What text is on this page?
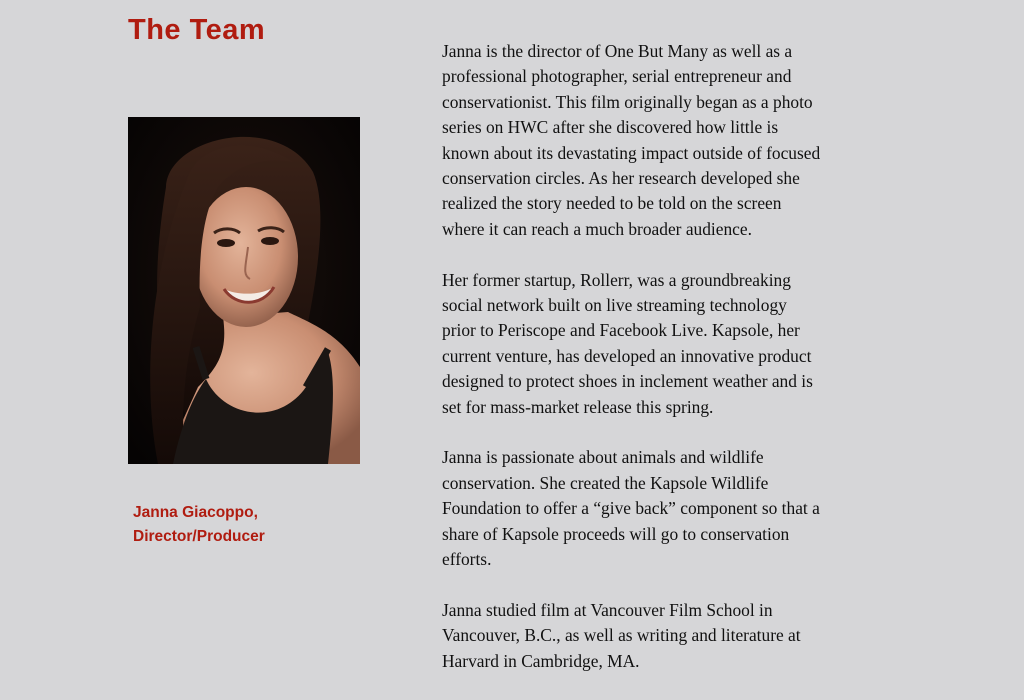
The Team
Janna Giacoppo,
Director/Producer

Janna is the director of One But Many as well as a
professional photographer, serial entrepreneur and
conservationist. This film originally began as a photo
series on HWC after she discovered how little is
known about its devastating impact outside of focused
conservation circles. As her research developed she
realized the story needed to be told on the screen
where it can reach a much broader audience.

Her former startup, Rollerr, was a groundbreaking
social network built on live streaming technology
prior to Periscope and Facebook Live. Kapsole, her
current venture, has developed an innovative product
designed to protect shoes in inclement weather and is
set for mass-market release this spring.

Janna is passionate about animals and wildlife
conservation. She created the Kapsole Wildlife
Foundation to offer a “give back” component so that a
share of Kapsole proceeds will go to conservation
efforts.

Janna studied film at Vancouver Film School in
Vancouver, B.C., as well as writing and literature at
Harvard in Cambridge, MA.
